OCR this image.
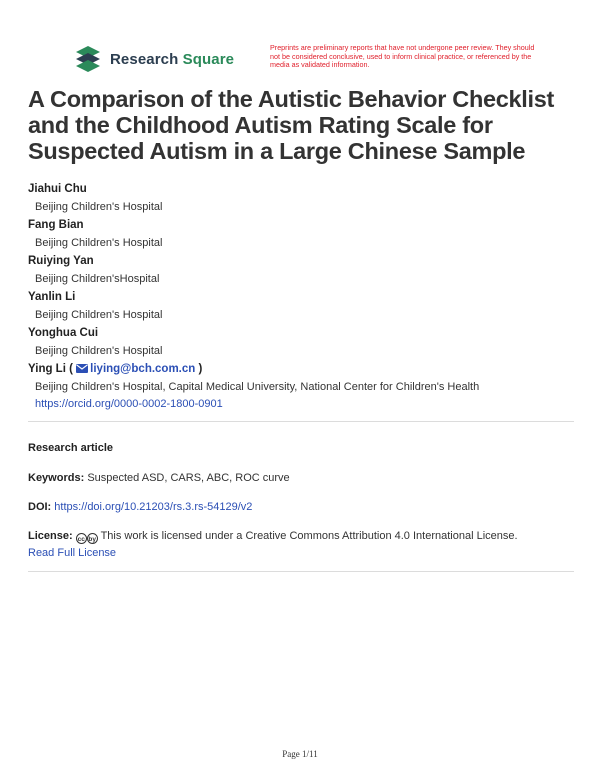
Research Square
Preprints are preliminary reports that have not undergone peer review. They should not be considered conclusive, used to inform clinical practice, or referenced by the media as validated information.
A Comparison of the Autistic Behavior Checklist and the Childhood Autism Rating Scale for Suspected Autism in a Large Chinese Sample
Jiahui Chu
Beijing Children's Hospital
Fang Bian
Beijing Children's Hospital
Ruiying Yan
Beijing Children'sHospital
Yanlin Li
Beijing Children's Hospital
Yonghua Cui
Beijing Children's Hospital
Ying Li ( liying@bch.com.cn )
Beijing Children's Hospital, Capital Medical University, National Center for Children's Health
https://orcid.org/0000-0002-1800-0901
Research article
Keywords: Suspected ASD, CARS, ABC, ROC curve
DOI: https://doi.org/10.21203/rs.3.rs-54129/v2
License: cc by This work is licensed under a Creative Commons Attribution 4.0 International License.
Read Full License
Page 1/11
